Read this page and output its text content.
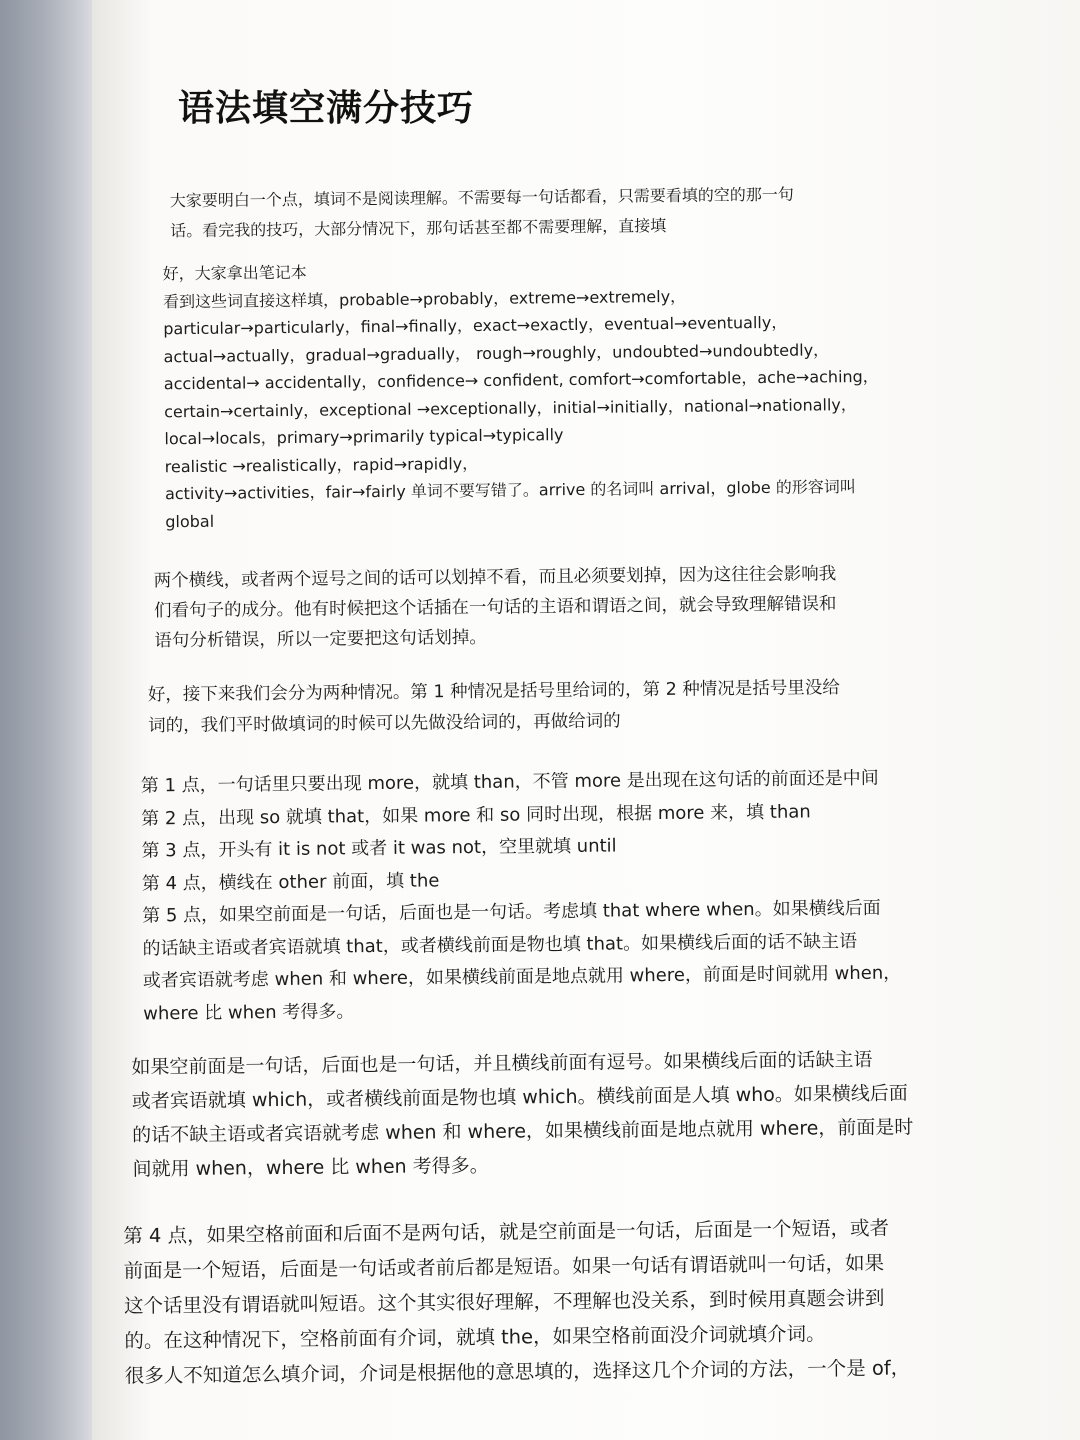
语法填空满分技巧

大家要明白一个点，填词不是阅读理解。不需要每一句话都看，只需要看填的空的那一句
话。看完我的技巧，大部分情况下，那句话甚至都不需要理解，直接填

好，大家拿出笔记本
看到这些词直接这样填，probable→probably，extreme→extremely，
particular→particularly，final→finally，exact→exactly，eventual→eventually，
actual→actually，gradual→gradually， rough→roughly，undoubted→undoubtedly，
accidental→ accidentally，confidence→ confident, comfort→comfortable，ache→aching，
certain→certainly，exceptional →exceptionally，initial→initially，national→nationally，
local→locals，primary→primarily typical→typically
realistic →realistically，rapid→rapidly，
activity→activities，fair→fairly 单词不要写错了。arrive 的名词叫 arrival，globe 的形容词叫
global

两个横线，或者两个逗号之间的话可以划掉不看，而且必须要划掉，因为这往往会影响我
们看句子的成分。他有时候把这个话插在一句话的主语和谓语之间，就会导致理解错误和
语句分析错误，所以一定要把这句话划掉。

好，接下来我们会分为两种情况。第 1 种情况是括号里给词的，第 2 种情况是括号里没给
词的，我们平时做填词的时候可以先做没给词的，再做给词的

第 1 点，一句话里只要出现 more，就填 than，不管 more 是出现在这句话的前面还是中间
第 2 点，出现 so 就填 that，如果 more 和 so 同时出现，根据 more 来，填 than
第 3 点，开头有 it is not 或者 it was not，空里就填 until
第 4 点，横线在 other 前面，填 the
第 5 点，如果空前面是一句话，后面也是一句话。考虑填 that where when。如果横线后面
的话缺主语或者宾语就填 that，或者横线前面是物也填 that。如果横线后面的话不缺主语
或者宾语就考虑 when 和 where，如果横线前面是地点就用 where，前面是时间就用 when，
where 比 when 考得多。

如果空前面是一句话，后面也是一句话，并且横线前面有逗号。如果横线后面的话缺主语
或者宾语就填 which，或者横线前面是物也填 which。横线前面是人填 who。如果横线后面
的话不缺主语或者宾语就考虑 when 和 where，如果横线前面是地点就用 where，前面是时
间就用 when，where 比 when 考得多。

第 4 点，如果空格前面和后面不是两句话，就是空前面是一句话，后面是一个短语，或者
前面是一个短语，后面是一句话或者前后都是短语。如果一句话有谓语就叫一句话，如果
这个话里没有谓语就叫短语。这个其实很好理解，不理解也没关系，到时候用真题会讲到
的。在这种情况下，空格前面有介词，就填 the，如果空格前面没介词就填介词。
很多人不知道怎么填介词，介词是根据他的意思填的，选择这几个介词的方法，一个是 of，
